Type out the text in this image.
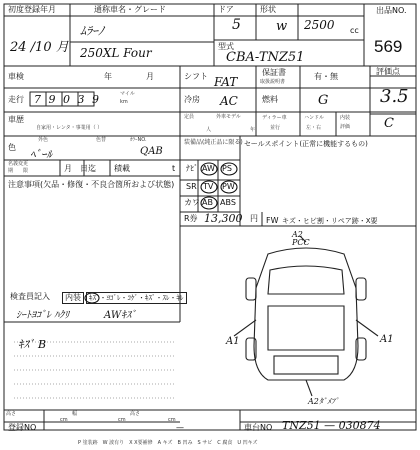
初度登録年月
24 /10 月
通称車名・グレード
ﾑﾗｰﾉ
250XL Four
ドア
5
形状
w 2500 cc
型式
CBA-TNZ51
出品NO.
569
車検	年	月	シフト FAT
保証書
取扱説明書
有・無
評価点
3.5
走行 7 9 0 3 9	マイル
km	冷房 AC	燃料	G
車歴
自家用・レンタ・事業用（ ）
定員
人
外車モデル
年
ディラー車
並行
ハンドル
左・右
内装
評価	C
色
外色	色替	ｶﾗｰNO.
ﾍﾞｰﾙ	QAB
名義変更
期　　限	月　日迄 積載	t
注意事項(欠品・修復・不良合箇所および状態)
装備品(純正品に限る)
ﾅﾋﾞ AW PS
SR TV PW
カワ AB ABS
R券 13,300 円 FW
セールスポイント(正常に機能するもの)
キズ・ヒビ割・リペア跡・X要
A2
PCC
A1	A1
A2ﾀﾞﾒﾌﾟ
検査員記入	内装	ｷｽﾞ・ﾖｺﾞﾚ・ｺｹﾞ・ｷｽﾞ・ｽﾚ・ｷﾚ
ｼｰﾄﾖｺﾞﾚ ﾊｸﾘ	AWｷｽﾞ
ｷｽﾞ B
高さ
cm
幅
cm
高さ
cm
登録NO	—	車台NO TNZ51 — 030874
P 塗装跡　W 波有り　X X要補修　A キズ　B 凹み　S サビ　C 腐食　U 凹キズ
